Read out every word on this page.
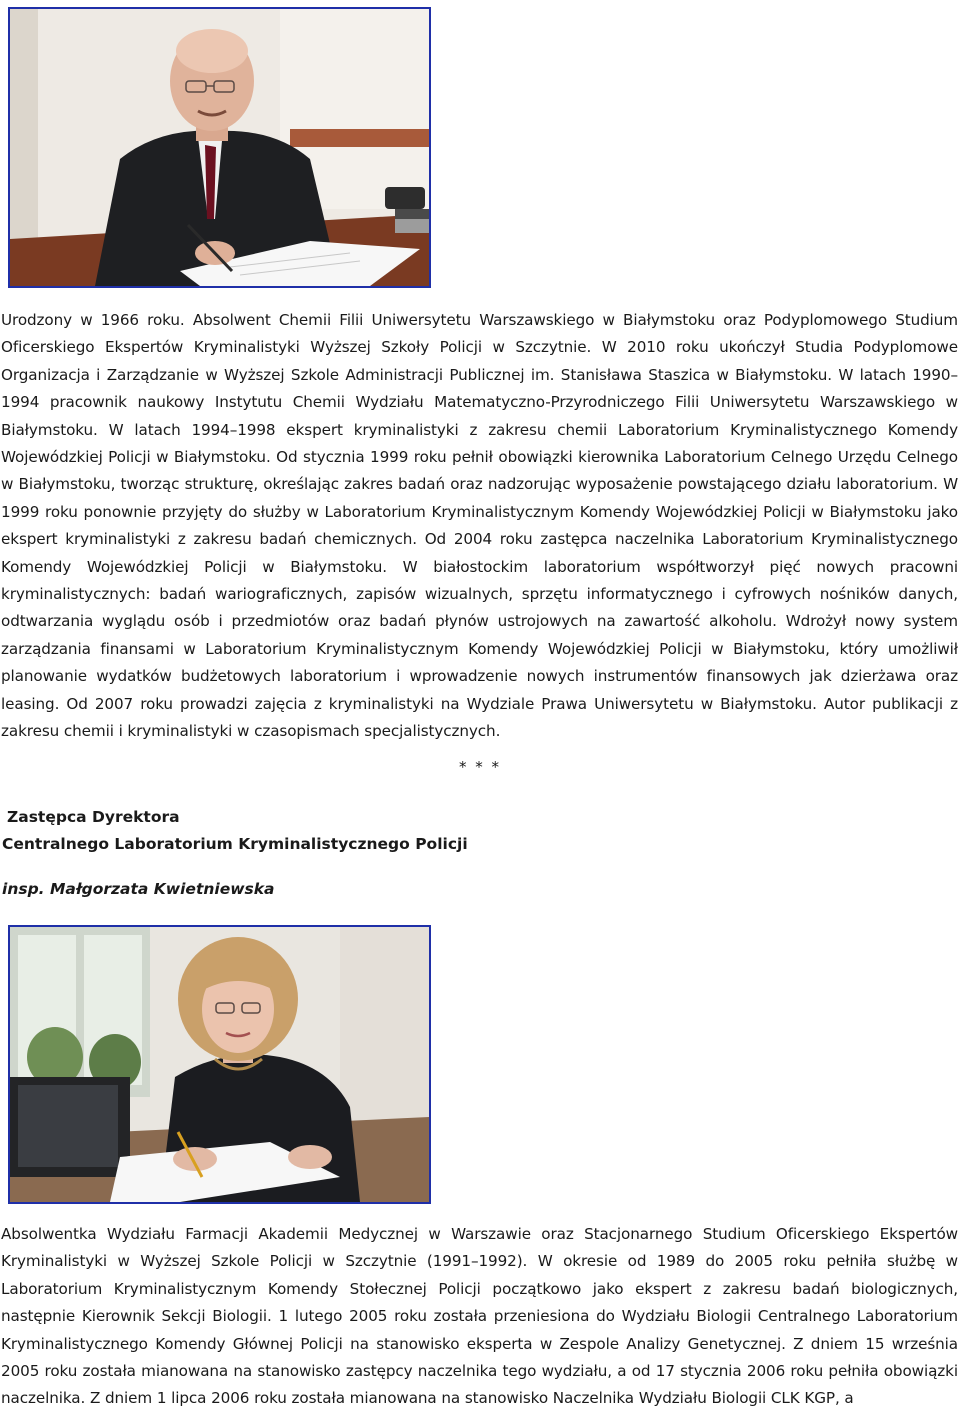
Urodzony w 1966 roku. Absolwent Chemii Filii Uniwersytetu Warszawskiego w Białymstoku oraz Podyplomowego Studium Oficerskiego Ekspertów Kryminalistyki Wyższej Szkoły Policji w Szczytnie. W 2010 roku ukończył Studia Podyplomowe Organizacja i Zarządzanie w Wyższej Szkole Administracji Publicznej im. Stanisława Staszica w Białymstoku. W latach 1990–1994 pracownik naukowy Instytutu Chemii Wydziału Matematyczno-Przyrodniczego Filii Uniwersytetu Warszawskiego w Białymstoku. W latach 1994–1998 ekspert kryminalistyki z zakresu chemii Laboratorium Kryminalistycznego Komendy Wojewódzkiej Policji w Białymstoku. Od stycznia 1999 roku pełnił obowiązki kierownika Laboratorium Celnego Urzędu Celnego w Białymstoku, tworząc strukturę, określając zakres badań oraz nadzorując wyposażenie powstającego działu laboratorium. W 1999 roku ponownie przyjęty do służby w Laboratorium Kryminalistycznym Komendy Wojewódzkiej Policji w Białymstoku jako ekspert kryminalistyki z zakresu badań chemicznych. Od 2004 roku zastępca naczelnika Laboratorium Kryminalistycznego Komendy Wojewódzkiej Policji w Białymstoku. W białostockim laboratorium współtworzył pięć nowych pracowni kryminalistycznych: badań wariograficznych, zapisów wizualnych, sprzętu informatycznego i cyfrowych nośników danych, odtwarzania wyglądu osób i przedmiotów oraz badań płynów ustrojowych na zawartość alkoholu. Wdrożył nowy system zarządzania finansami w Laboratorium Kryminalistycznym Komendy Wojewódzkiej Policji w Białymstoku, który umożliwił planowanie wydatków budżetowych laboratorium i wprowadzenie nowych instrumentów finansowych jak dzierżawa oraz leasing. Od 2007 roku prowadzi zajęcia z kryminalistyki na Wydziale Prawa Uniwersytetu w Białymstoku. Autor publikacji z zakresu chemii i kryminalistyki w czasopismach specjalistycznych.

* * *

Zastępca Dyrektora

Centralnego Laboratorium Kryminalistycznego Policji

insp. Małgorzata Kwietniewska

Absolwentka Wydziału Farmacji Akademii Medycznej w Warszawie oraz Stacjonarnego Studium Oficerskiego Ekspertów Kryminalistyki w Wyższej Szkole Policji w Szczytnie (1991–1992). W okresie od 1989 do 2005 roku pełniła służbę w Laboratorium Kryminalistycznym Komendy Stołecznej Policji początkowo jako ekspert z zakresu badań biologicznych, następnie Kierownik Sekcji Biologii. 1 lutego 2005 roku została przeniesiona do Wydziału Biologii Centralnego Laboratorium Kryminalistycznego Komendy Głównej Policji na stanowisko eksperta w Zespole Analizy Genetycznej. Z dniem 15 września 2005 roku została mianowana na stanowisko zastępcy naczelnika tego wydziału, a od 17 stycznia 2006 roku pełniła obowiązki naczelnika. Z dniem 1 lipca 2006 roku została mianowana na stanowisko Naczelnika Wydziału Biologii CLK KGP, a
